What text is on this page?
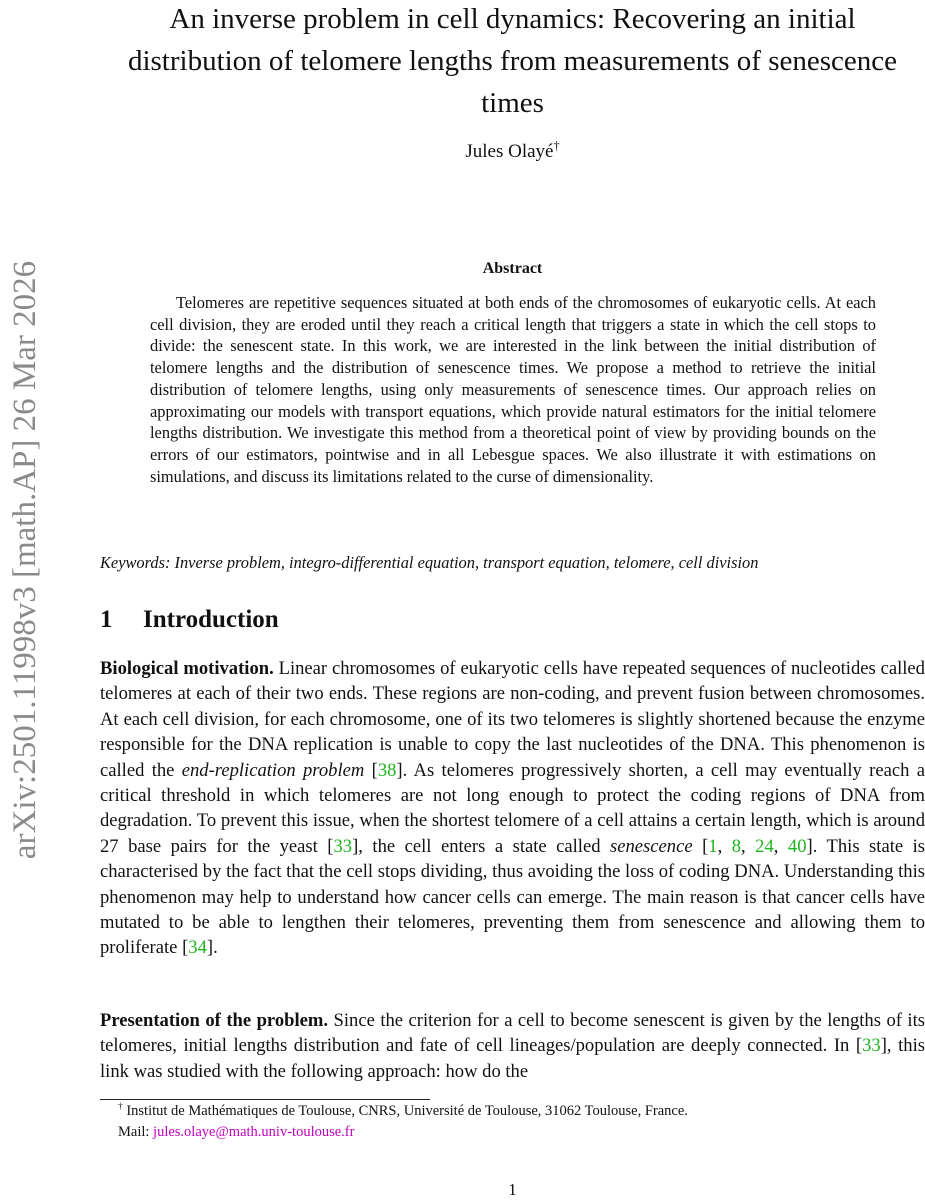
arXiv:2501.11998v3 [math.AP] 26 Mar 2026
An inverse problem in cell dynamics: Recovering an initial distribution of telomere lengths from measurements of senescence times
Jules Olayé†
Abstract

Telomeres are repetitive sequences situated at both ends of the chromosomes of eukaryotic cells. At each cell division, they are eroded until they reach a critical length that triggers a state in which the cell stops to divide: the senescent state. In this work, we are interested in the link between the initial distribution of telomere lengths and the distribution of senescence times. We propose a method to retrieve the initial distribution of telomere lengths, using only measurements of senescence times. Our approach relies on approximating our models with transport equations, which provide natural estimators for the initial telomere lengths distribution. We investigate this method from a theoretical point of view by providing bounds on the errors of our estimators, pointwise and in all Lebesgue spaces. We also illustrate it with estimations on simulations, and discuss its limitations related to the curse of dimensionality.

Keywords: Inverse problem, integro-differential equation, transport equation, telomere, cell division
1 Introduction

Biological motivation. Linear chromosomes of eukaryotic cells have repeated sequences of nucleotides called telomeres at each of their two ends. These regions are non-coding, and prevent fusion between chromosomes. At each cell division, for each chromosome, one of its two telomeres is slightly shortened because the enzyme responsible for the DNA replication is unable to copy the last nucleotides of the DNA. This phenomenon is called the end-replication problem [38]. As telomeres progressively shorten, a cell may eventually reach a critical threshold in which telomeres are not long enough to protect the coding regions of DNA from degradation. To prevent this issue, when the shortest telomere of a cell attains a certain length, which is around 27 base pairs for the yeast [33], the cell enters a state called senescence [1, 8, 24, 40]. This state is characterised by the fact that the cell stops dividing, thus avoiding the loss of coding DNA. Understanding this phenomenon may help to understand how cancer cells can emerge. The main reason is that cancer cells have mutated to be able to lengthen their telomeres, preventing them from senescence and allowing them to proliferate [34].

Presentation of the problem. Since the criterion for a cell to become senescent is given by the lengths of its telomeres, initial lengths distribution and fate of cell lineages/population are deeply connected. In [33], this link was studied with the following approach: how do the

† Institut de Mathématiques de Toulouse, CNRS, Université de Toulouse, 31062 Toulouse, France.
Mail: jules.olaye@math.univ-toulouse.fr
1
